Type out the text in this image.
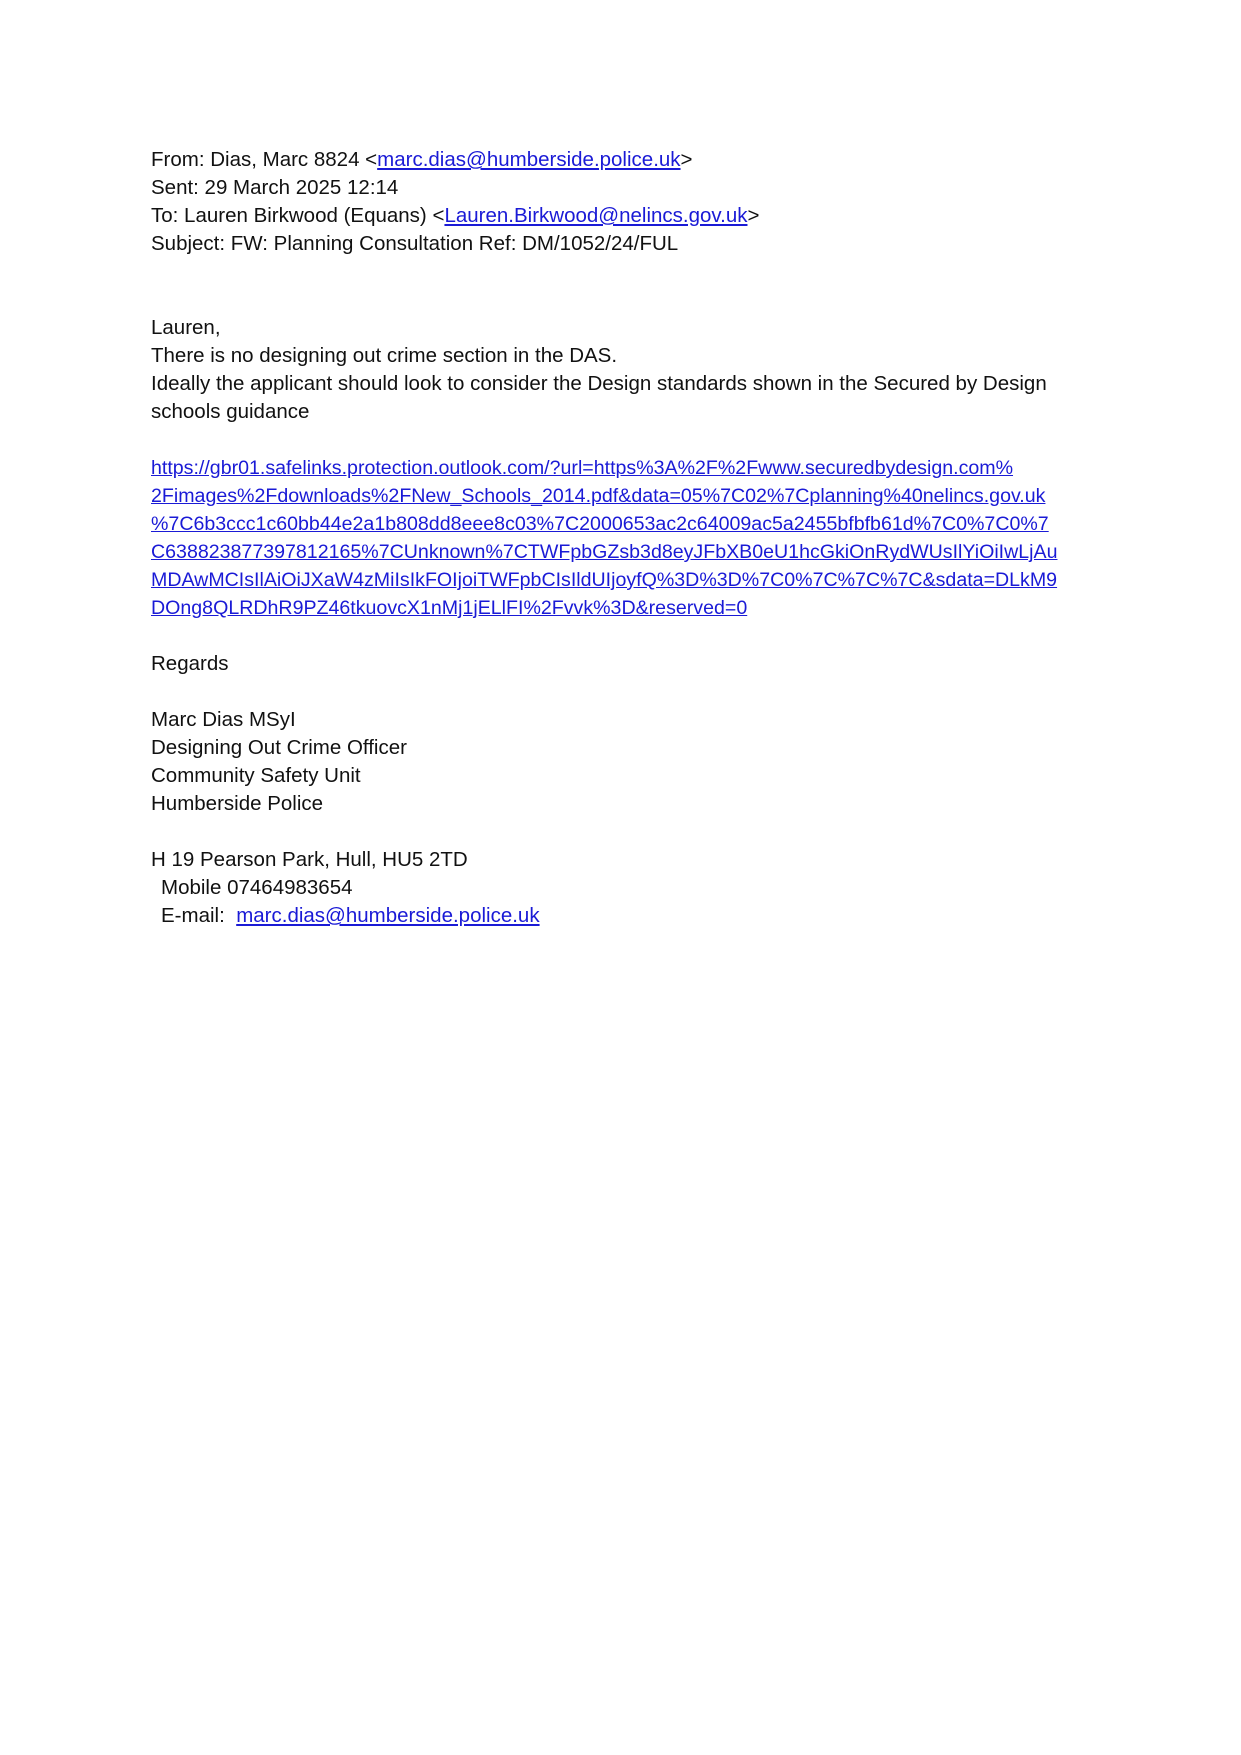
From: Dias, Marc 8824 <marc.dias@humberside.police.uk>
Sent: 29 March 2025 12:14
To: Lauren Birkwood (Equans) <Lauren.Birkwood@nelincs.gov.uk>
Subject: FW: Planning Consultation Ref: DM/1052/24/FUL
Lauren,
There is no designing out crime section in the DAS.
Ideally the applicant should look to consider the Design standards shown in the Secured by Design schools guidance
https://gbr01.safelinks.protection.outlook.com/?url=https%3A%2F%2Fwww.securedbydesign.com%
2Fimages%2Fdownloads%2FNew_Schools_2014.pdf&data=05%7C02%7Cplanning%40nelincs.gov.uk
%7C6b3ccc1c60bb44e2a1b808dd8eee8c03%7C2000653ac2c64009ac5a2455bfbfb61d%7C0%7C0%7
C638823877397812165%7CUnknown%7CTWFpbGZsb3d8eyJFbXB0eU1hcGkiOnRydWUsIlYiOiIwLjAu
MDAwMCIsIlAiOiJXaW4zMiIsIkFOIjoiTWFpbCIsIldUIjoyfQ%3D%3D%7C0%7C%7C%7C&sdata=DLkM9
DOng8QLRDhR9PZ46tkuovcX1nMj1jELlFI%2Fvvk%3D&reserved=0
Regards
Marc Dias MSyI
Designing Out Crime Officer
Community Safety Unit
Humberside Police
H 19 Pearson Park, Hull, HU5 2TD
Mobile 07464983654
E-mail:  marc.dias@humberside.police.uk
